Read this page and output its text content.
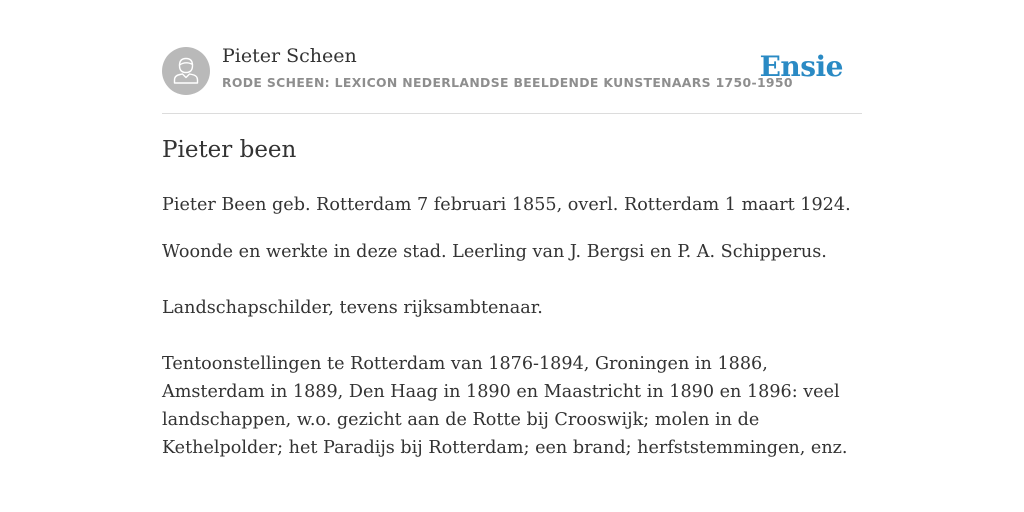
Pieter Scheen
RODE SCHEEN: LEXICON NEDERLANDSE BEELDENDE KUNSTENAARS 1750-1950
Ensie
Pieter been

Pieter Been geb. Rotterdam 7 februari 1855, overl. Rotterdam 1 maart 1924.

Woonde en werkte in deze stad. Leerling van J. Bergsi en P. A. Schipperus.

Landschapschilder, tevens rijksambtenaar.

Tentoonstellingen te Rotterdam van 1876-1894, Groningen in 1886, Amsterdam in 1889, Den Haag in 1890 en Maastricht in 1890 en 1896: veel landschappen, w.o. gezicht aan de Rotte bij Crooswijk; molen in de Kethelpolder; het Paradijs bij Rotterdam; een brand; herfststemmingen, enz.
